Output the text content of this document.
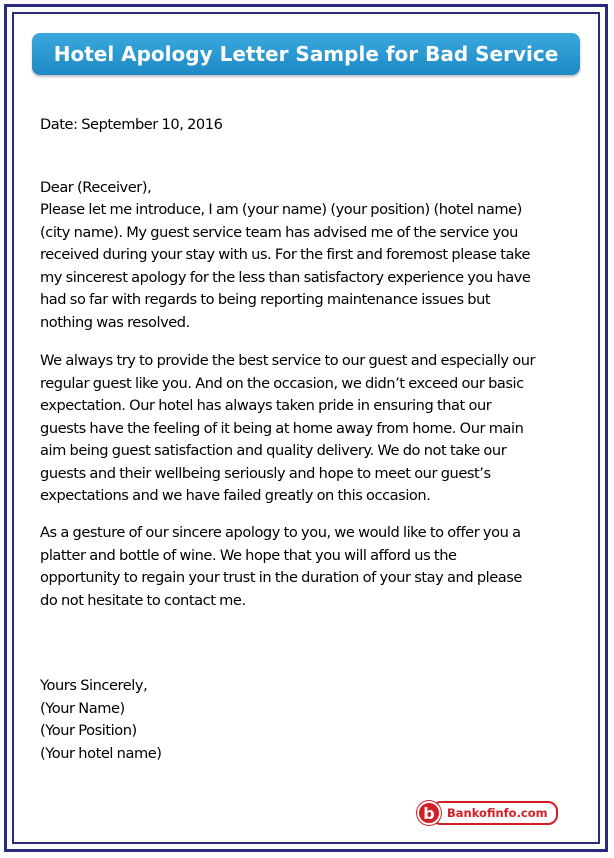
Hotel Apology Letter Sample for Bad Service
Date: September 10, 2016
Dear (Receiver),
Please let me introduce, I am (your name) (your position) (hotel name)
(city name). My guest service team has advised me of the service you
received during your stay with us. For the first and foremost please take
my sincerest apology for the less than satisfactory experience you have
had so far with regards to being reporting maintenance issues but
nothing was resolved.
We always try to provide the best service to our guest and especially our
regular guest like you. And on the occasion, we didn’t exceed our basic
expectation. Our hotel has always taken pride in ensuring that our
guests have the feeling of it being at home away from home. Our main
aim being guest satisfaction and quality delivery. We do not take our
guests and their wellbeing seriously and hope to meet our guest’s
expectations and we have failed greatly on this occasion.
As a gesture of our sincere apology to you, we would like to offer you a
platter and bottle of wine. We hope that you will afford us the
opportunity to regain your trust in the duration of your stay and please
do not hesitate to contact me.
Yours Sincerely,
(Your Name)
(Your Position)
(Your hotel name)
b	Bankofinfo.com
